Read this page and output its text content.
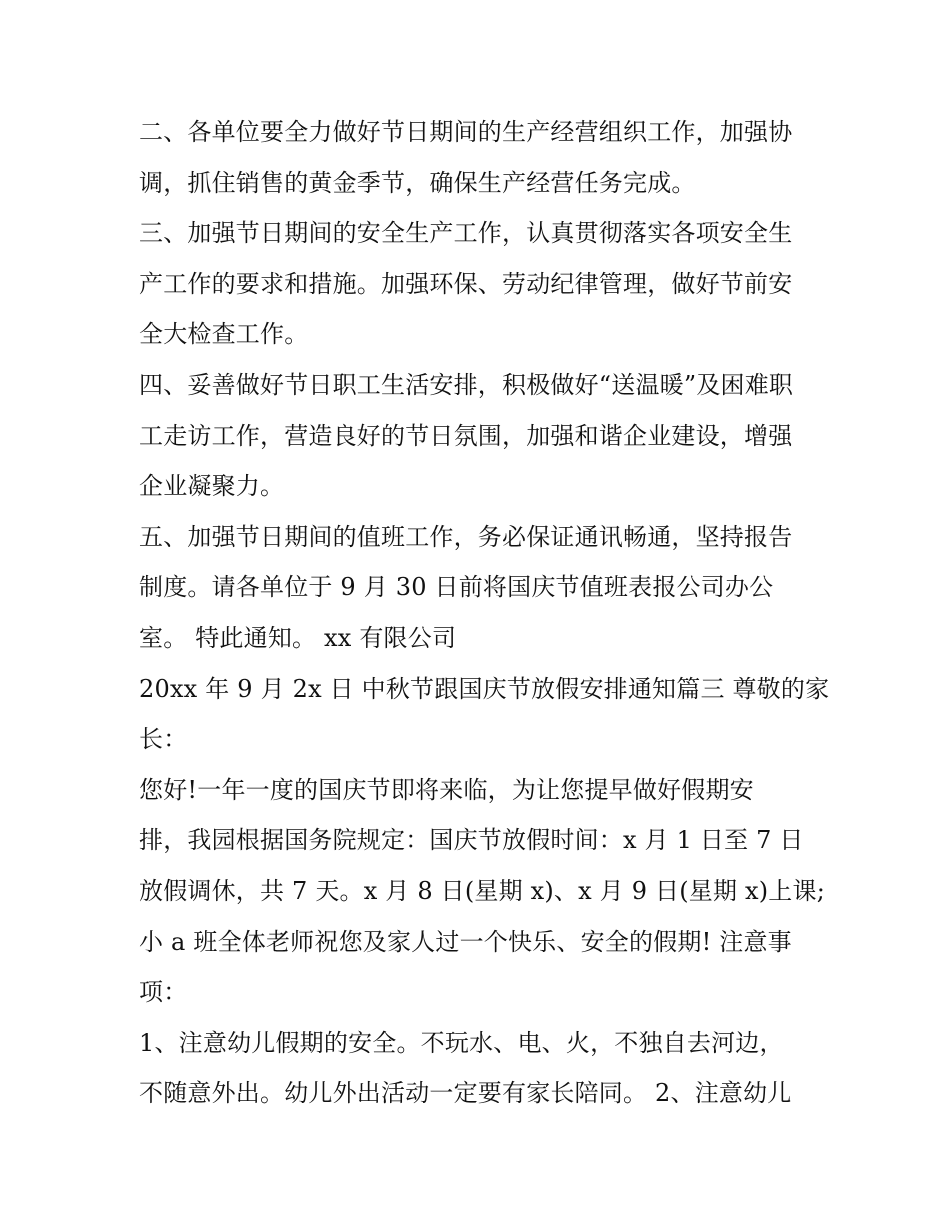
二、各单位要全力做好节日期间的生产经营组织工作，加强协
调，抓住销售的黄金季节，确保生产经营任务完成。
三、加强节日期间的安全生产工作，认真贯彻落实各项安全生
产工作的要求和措施。加强环保、劳动纪律管理，做好节前安
全大检查工作。
四、妥善做好节日职工生活安排，积极做好“送温暖”及困难职
工走访工作，营造良好的节日氛围，加强和谐企业建设，增强
企业凝聚力。
五、加强节日期间的值班工作，务必保证通讯畅通，坚持报告
制度。请各单位于 9 月 30 日前将国庆节值班表报公司办公
室。 特此通知。 xx 有限公司
20xx 年 9 月 2x 日 中秋节跟国庆节放假安排通知篇三 尊敬的家
长：
您好!一年一度的国庆节即将来临，为让您提早做好假期安
排，我园根据国务院规定：国庆节放假时间：x 月 1 日至 7 日
放假调休，共 7 天。x 月 8 日(星期 x)、x 月 9 日(星期 x)上课;
小 a 班全体老师祝您及家人过一个快乐、安全的假期! 注意事
项：
1、注意幼儿假期的安全。不玩水、电、火，不独自去河边，
不随意外出。幼儿外出活动一定要有家长陪同。 2、注意幼儿
